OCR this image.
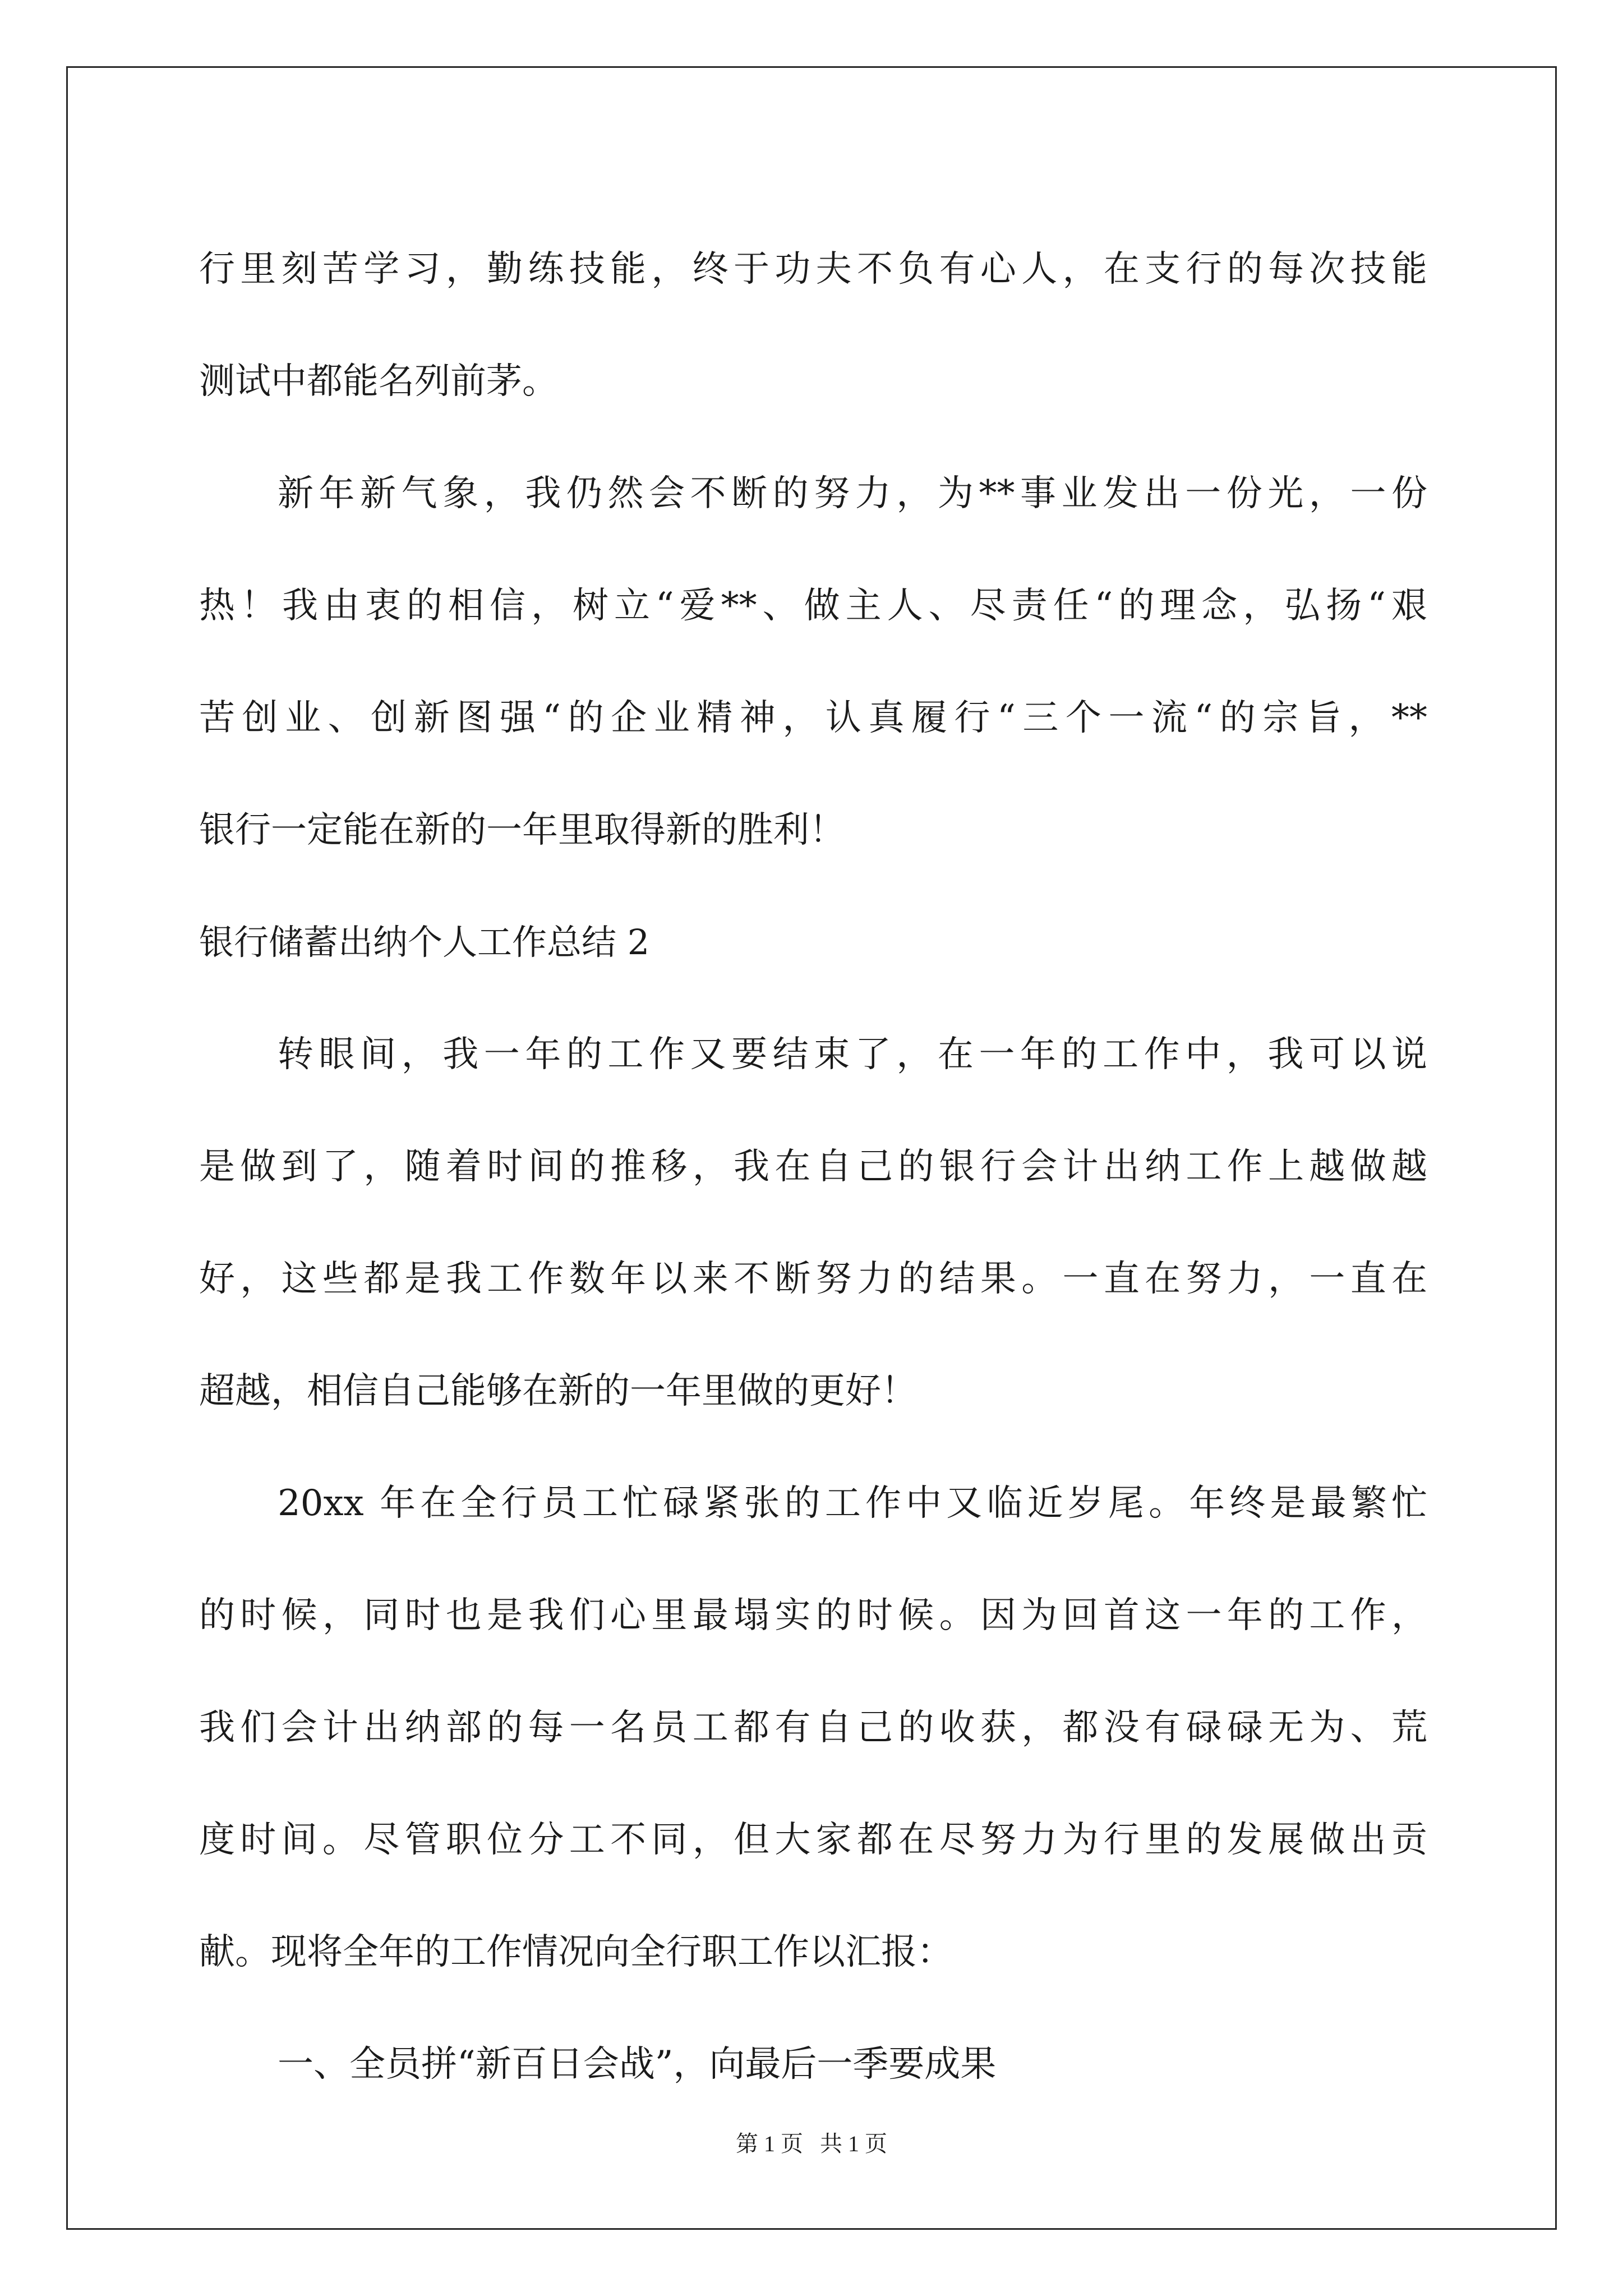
行里刻苦学习，勤练技能，终于功夫不负有心人，在支行的每次技能
测试中都能名列前茅。
新年新气象，我仍然会不断的努力，为**事业发出一份光，一份
热！我由衷的相信，树立“爱**、做主人、尽责任“的理念，弘扬“艰
苦创业、创新图强“的企业精神，认真履行“三个一流“的宗旨，**
银行一定能在新的一年里取得新的胜利！
银行储蓄出纳个人工作总结 2
转眼间，我一年的工作又要结束了，在一年的工作中，我可以说
是做到了，随着时间的推移，我在自己的银行会计出纳工作上越做越
好，这些都是我工作数年以来不断努力的结果。一直在努力，一直在
超越，相信自己能够在新的一年里做的更好！
20xx 年在全行员工忙碌紧张的工作中又临近岁尾。年终是最繁忙
的时候，同时也是我们心里最塌实的时候。因为回首这一年的工作，
我们会计出纳部的每一名员工都有自己的收获，都没有碌碌无为、荒
度时间。尽管职位分工不同，但大家都在尽努力为行里的发展做出贡
献。现将全年的工作情况向全行职工作以汇报：
一、全员拼“新百日会战”，向最后一季要成果
第 1 页 共 1 页
